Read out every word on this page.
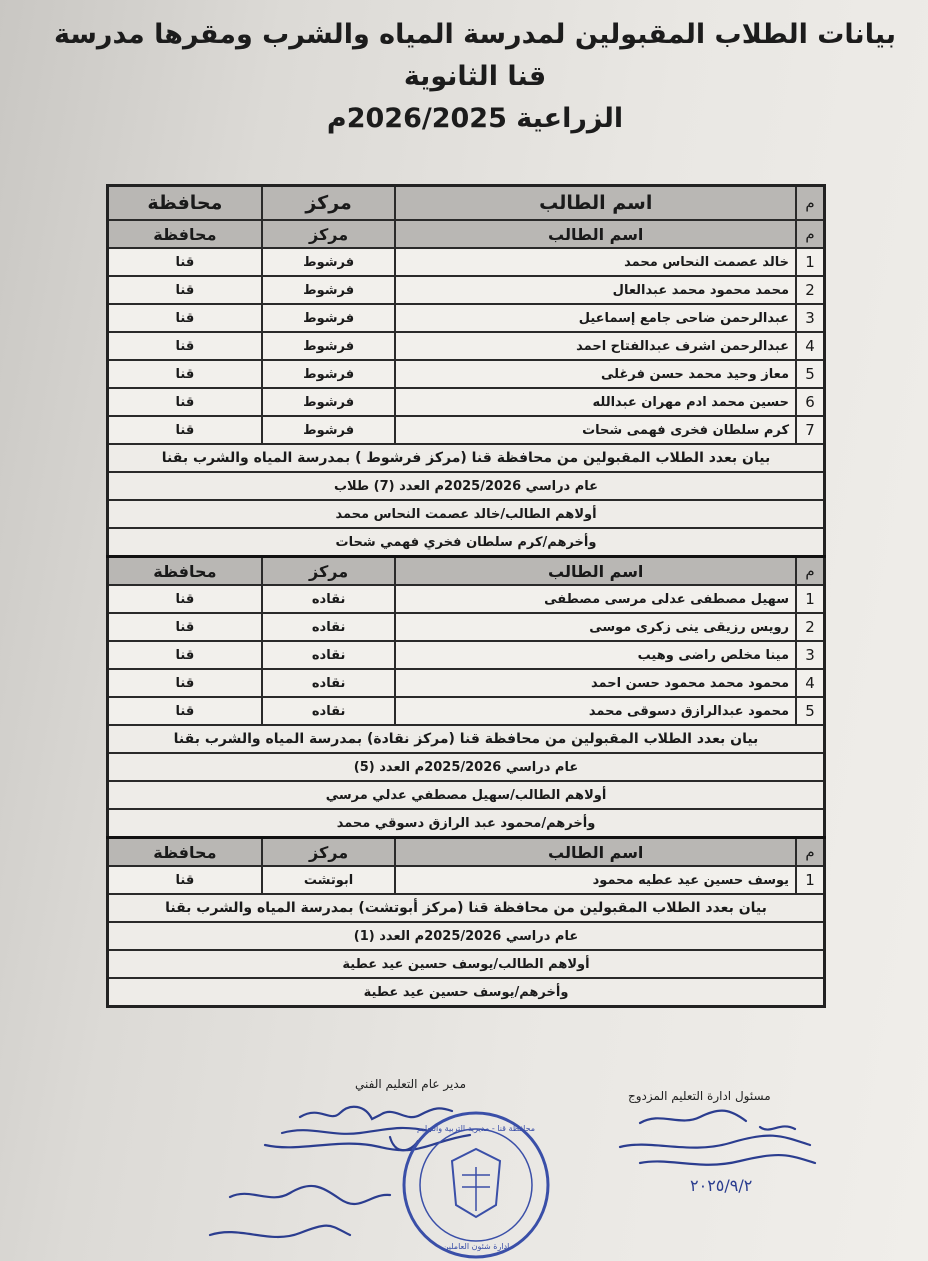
بيانات الطلاب المقبولين لمدرسة المياه والشرب ومقرها مدرسة قنا الثانوية
الزراعية 2026/2025م
م	اسم الطالب	مركز	محافظة
م	اسم الطالب	مركز	محافظة
1	خالد عصمت النحاس محمد	فرشوط	قنا
2	محمد محمود محمد عبدالعال	فرشوط	قنا
3	عبدالرحمن ضاحى جامع إسماعيل	فرشوط	قنا
4	عبدالرحمن اشرف عبدالفتاح احمد	فرشوط	قنا
5	معاز وحيد محمد حسن فرغلى	فرشوط	قنا
6	حسين محمد ادم مهران عبدالله	فرشوط	قنا
7	كرم سلطان فخرى فهمى شحات	فرشوط	قنا
بيان بعدد الطلاب المقبولين من محافظة قنا (مركز فرشوط ) بمدرسة المياه والشرب بقنا			
عام دراسي 2025/2026م العدد (7) طلاب			
أولاهم الطالب/خالد عصمت النحاس محمد			
وأخرهم/كرم سلطان فخري فهمي شحات			
م	اسم الطالب	مركز	محافظة
1	سهيل مصطفى عدلى مرسى مصطفى	نقاده	قنا
2	رويس رزيقى ينى زكرى موسى	نقاده	قنا
3	مينا مخلص راضى وهيب	نقاده	قنا
4	محمود محمد محمود حسن احمد	نقاده	قنا
5	محمود عبدالرازق دسوقى محمد	نقاده	قنا
بيان بعدد الطلاب المقبولين من محافظة قنا (مركز نقادة) بمدرسة المياه والشرب بقنا			
عام دراسي 2025/2026م العدد (5)			
أولاهم الطالب/سهيل مصطفي عدلي مرسي			
وأخرهم/محمود عبد الرازق دسوقي محمد			
م	اسم الطالب	مركز	محافظة
1	يوسف حسين عيد عطيه محمود	ابوتشت	قنا
بيان بعدد الطلاب المقبولين من محافظة قنا (مركز أبوتشت) بمدرسة المياه والشرب بقنا			
عام دراسي 2025/2026م العدد (1)			
أولاهم الطالب/يوسف حسين عيد عطية			
وأخرهم/يوسف حسين عيد عطية			
مدير عام التعليم الفني
مسئول ادارة التعليم المزدوج
٢٠٢٥/٩/٢
محافظة قنا - مديرية التربية والتعليم
ادارة شئون العاملين
